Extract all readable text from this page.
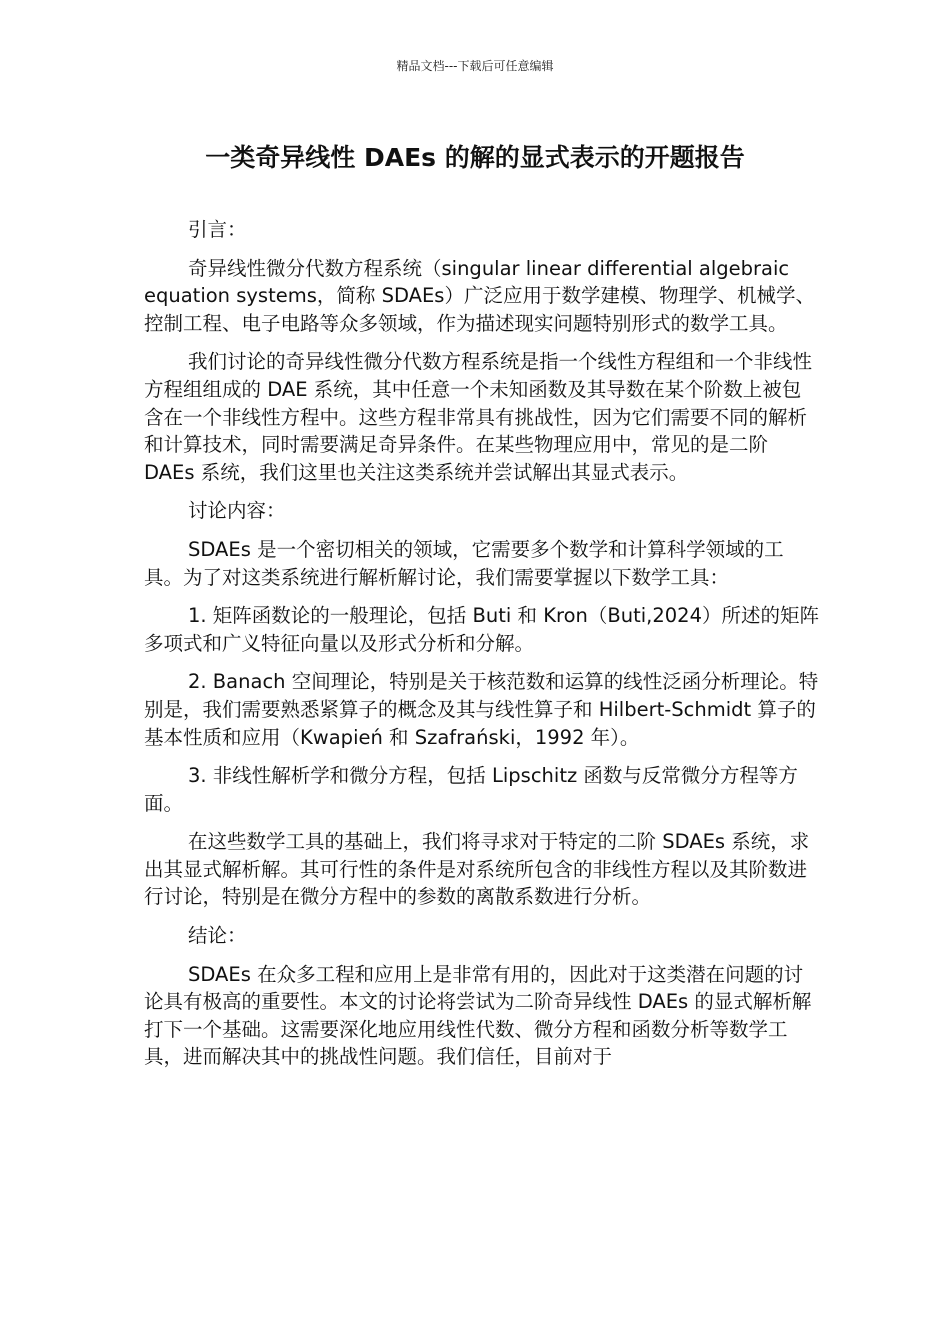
精品文档---下载后可任意编辑
一类奇异线性 DAEs 的解的显式表示的开题报告

引言：

奇异线性微分代数方程系统（singular linear differential algebraic equation systems，简称 SDAEs）广泛应用于数学建模、物理学、机械学、控制工程、电子电路等众多领域，作为描述现实问题特别形式的数学工具。

我们讨论的奇异线性微分代数方程系统是指一个线性方程组和一个非线性方程组组成的 DAE 系统，其中任意一个未知函数及其导数在某个阶数上被包含在一个非线性方程中。这些方程非常具有挑战性，因为它们需要不同的解析和计算技术，同时需要满足奇异条件。在某些物理应用中，常见的是二阶 DAEs 系统，我们这里也关注这类系统并尝试解出其显式表示。

讨论内容：

SDAEs 是一个密切相关的领域，它需要多个数学和计算科学领域的工具。为了对这类系统进行解析解讨论，我们需要掌握以下数学工具：

1. 矩阵函数论的一般理论，包括 Buti 和 Kron（Buti,2024）所述的矩阵多项式和广义特征向量以及形式分析和分解。

2. Banach 空间理论，特别是关于核范数和运算的线性泛函分析理论。特别是，我们需要熟悉紧算子的概念及其与线性算子和 Hilbert-Schmidt 算子的基本性质和应用（Kwapień 和 Szafrański，1992 年）。

3. 非线性解析学和微分方程，包括 Lipschitz 函数与反常微分方程等方面。

在这些数学工具的基础上，我们将寻求对于特定的二阶 SDAEs 系统，求出其显式解析解。其可行性的条件是对系统所包含的非线性方程以及其阶数进行讨论，特别是在微分方程中的参数的离散系数进行分析。

结论：

SDAEs 在众多工程和应用上是非常有用的，因此对于这类潜在问题的讨论具有极高的重要性。本文的讨论将尝试为二阶奇异线性 DAEs 的显式解析解打下一个基础。这需要深化地应用线性代数、微分方程和函数分析等数学工具，进而解决其中的挑战性问题。我们信任，目前对于
